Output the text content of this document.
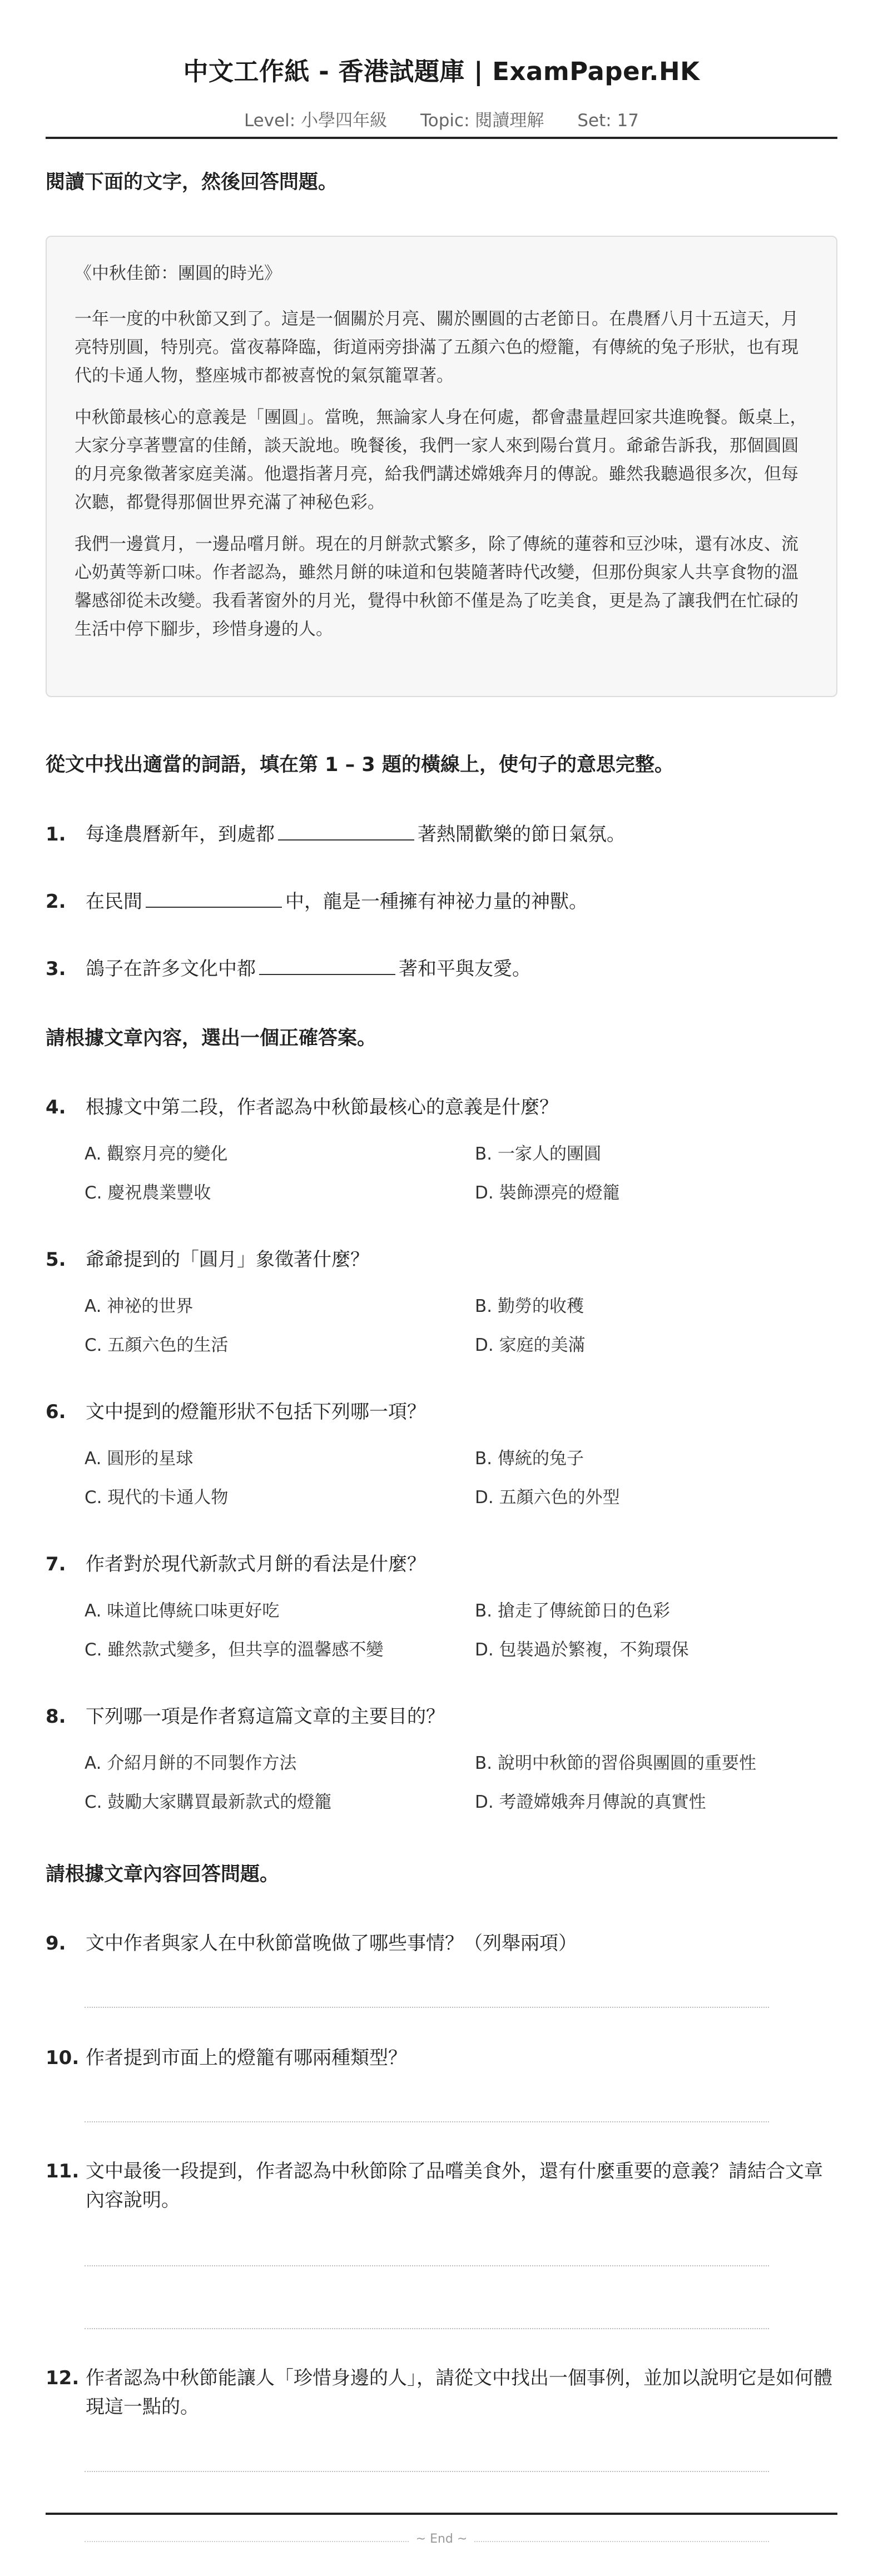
中文工作紙 - 香港試題庫 | ExamPaper.HK
Level: 小學四年級 Topic: 閱讀理解 Set: 17
閱讀下面的文字，然後回答問題。
《中秋佳節：團圓的時光》

一年一度的中秋節又到了。這是一個關於月亮、關於團圓的古老節日。在農曆八月十五這天，月亮特別圓，特別亮。當夜幕降臨，街道兩旁掛滿了五顏六色的燈籠，有傳統的兔子形狀，也有現代的卡通人物，整座城市都被喜悅的氣氛籠罩著。

中秋節最核心的意義是「團圓」。當晚，無論家人身在何處，都會盡量趕回家共進晚餐。飯桌上，大家分享著豐富的佳餚，談天說地。晚餐後，我們一家人來到陽台賞月。爺爺告訴我，那個圓圓的月亮象徵著家庭美滿。他還指著月亮，給我們講述嫦娥奔月的傳說。雖然我聽過很多次，但每次聽，都覺得那個世界充滿了神秘色彩。

我們一邊賞月，一邊品嚐月餅。現在的月餅款式繁多，除了傳統的蓮蓉和豆沙味，還有冰皮、流心奶黃等新口味。作者認為，雖然月餅的味道和包裝隨著時代改變，但那份與家人共享食物的溫馨感卻從未改變。我看著窗外的月光，覺得中秋節不僅是為了吃美食，更是為了讓我們在忙碌的生活中停下腳步，珍惜身邊的人。

從文中找出適當的詞語，填在第 1 – 3 題的橫線上，使句子的意思完整。
1. 每逢農曆新年，到處都	著熱鬧歡樂的節日氣氛。
2. 在民間	中，龍是一種擁有神祕力量的神獸。
3. 鴿子在許多文化中都	著和平與友愛。
請根據文章內容，選出一個正確答案。
4. 根據文中第二段，作者認為中秋節最核心的意義是什麼？
A. 觀察月亮的變化	B. 一家人的團圓
C. 慶祝農業豐收	D. 裝飾漂亮的燈籠
5. 爺爺提到的「圓月」象徵著什麼？
A. 神祕的世界	B. 勤勞的收穫
C. 五顏六色的生活	D. 家庭的美滿
6. 文中提到的燈籠形狀不包括下列哪一項？
A. 圓形的星球	B. 傳統的兔子
C. 現代的卡通人物	D. 五顏六色的外型
7. 作者對於現代新款式月餅的看法是什麼？
A. 味道比傳統口味更好吃	B. 搶走了傳統節日的色彩
C. 雖然款式變多，但共享的溫馨感不變	D. 包裝過於繁複，不夠環保
8. 下列哪一項是作者寫這篇文章的主要目的？
A. 介紹月餅的不同製作方法	B. 說明中秋節的習俗與團圓的重要性
C. 鼓勵大家購買最新款式的燈籠	D. 考證嫦娥奔月傳說的真實性
請根據文章內容回答問題。
9. 文中作者與家人在中秋節當晚做了哪些事情？（列舉兩項）
10. 作者提到市面上的燈籠有哪兩種類型？
11. 文中最後一段提到，作者認為中秋節除了品嚐美食外，還有什麼重要的意義？請結合文章內容說明。
12. 作者認為中秋節能讓人「珍惜身邊的人」，請從文中找出一個事例，並加以說明它是如何體現這一點的。
~ End ~
